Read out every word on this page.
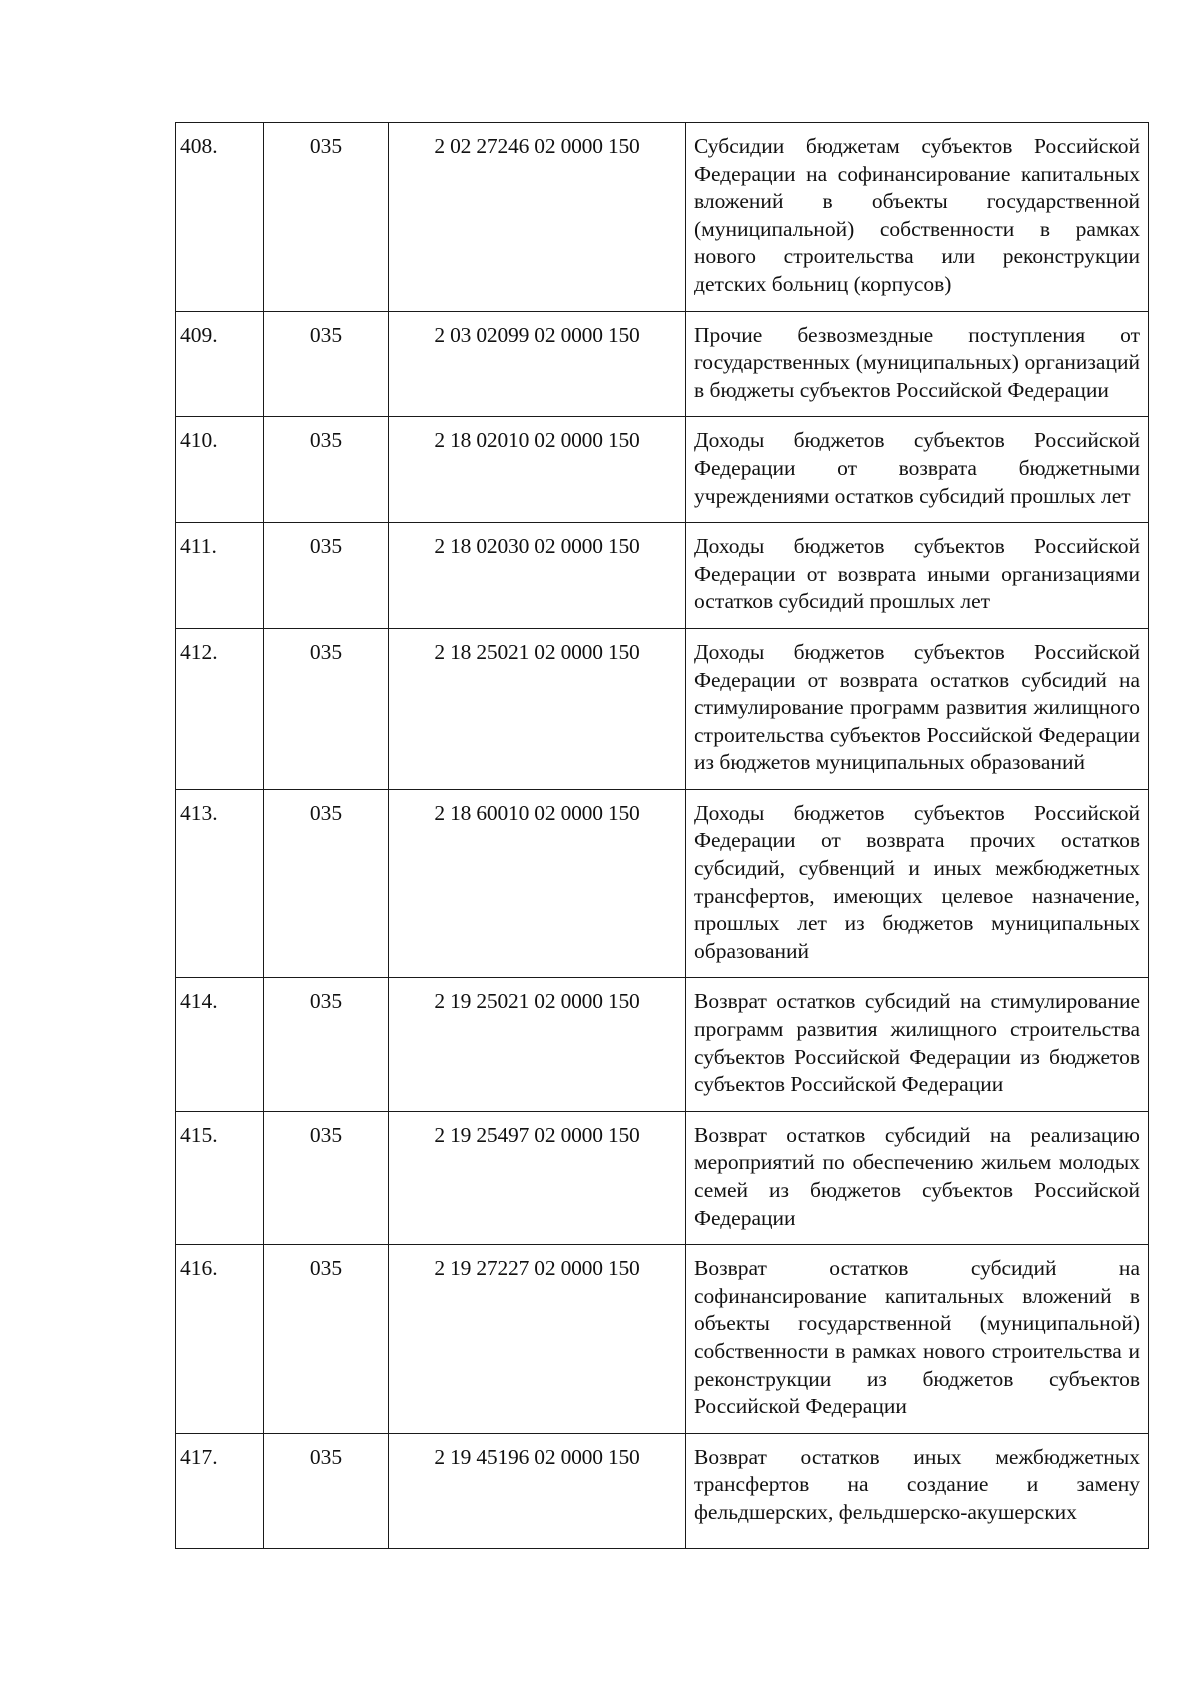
408.	035	2 02 27246 02 0000 150	Субсидии бюджетам субъектов Российской Федерации на софинансирование капитальных вложений в объекты государственной (муниципальной) собственности в рамках нового строительства или реконструкции детских больниц (корпусов)
409.	035	2 03 02099 02 0000 150	Прочие безвозмездные поступления от государственных (муниципальных) организаций в бюджеты субъектов Российской Федерации
410.	035	2 18 02010 02 0000 150	Доходы бюджетов субъектов Российской Федерации от возврата бюджетными учреждениями остатков субсидий прошлых лет
411.	035	2 18 02030 02 0000 150	Доходы бюджетов субъектов Российской Федерации от возврата иными организациями остатков субсидий прошлых лет
412.	035	2 18 25021 02 0000 150	Доходы бюджетов субъектов Российской Федерации от возврата остатков субсидий на стимулирование программ развития жилищного строительства субъектов Российской Федерации из бюджетов муниципальных образований
413.	035	2 18 60010 02 0000 150	Доходы бюджетов субъектов Российской Федерации от возврата прочих остатков субсидий, субвенций и иных межбюджетных трансфертов, имеющих целевое назначение, прошлых лет из бюджетов муниципальных образований
414.	035	2 19 25021 02 0000 150	Возврат остатков субсидий на стимулирование программ развития жилищного строительства субъектов Российской Федерации из бюджетов субъектов Российской Федерации
415.	035	2 19 25497 02 0000 150	Возврат остатков субсидий на реализацию мероприятий по обеспечению жильем молодых семей из бюджетов субъектов Российской Федерации
416.	035	2 19 27227 02 0000 150	Возврат остатков субсидий на софинансирование капитальных вложений в объекты государственной (муниципальной) собственности в рамках нового строительства и реконструкции из бюджетов субъектов Российской Федерации
417.	035	2 19 45196 02 0000 150	Возврат остатков иных межбюджетных трансфертов на создание и замену фельдшерских, фельдшерско-акушерских
